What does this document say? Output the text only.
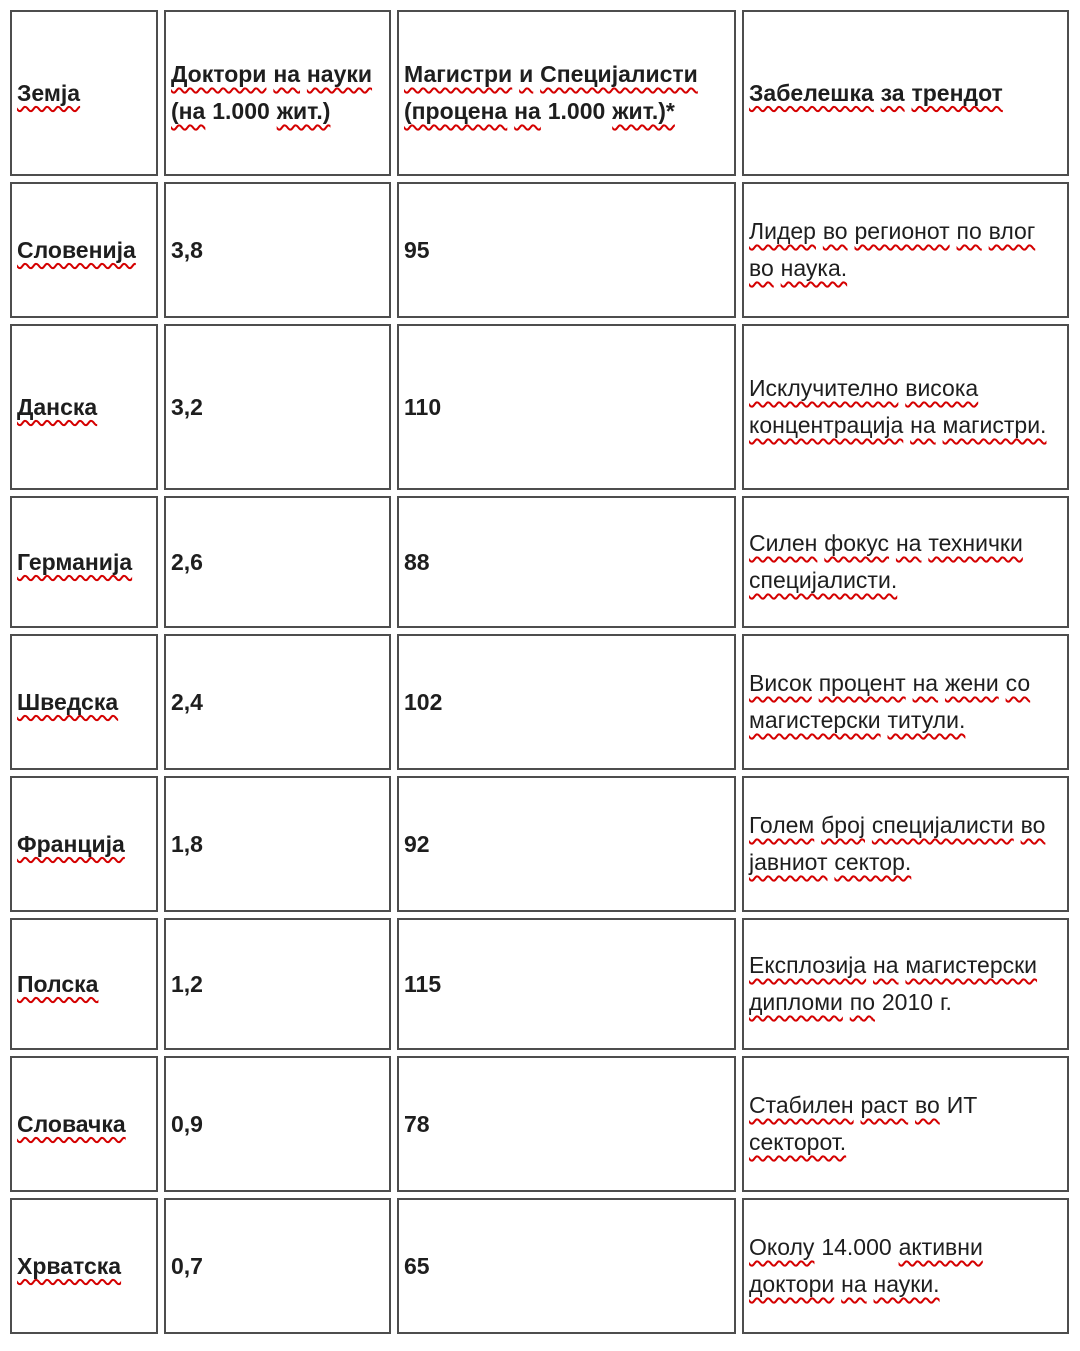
Земја	Доктори на науки (на 1.000 жит.)	Магистри и Специјалисти (процена на 1.000 жит.)*	Забелешка за трендот
Словенија	3,8	95	Лидер во регионот по влог во наука.
Данска	3,2	110	Исклучително висока концентрација на магистри.
Германија	2,6	88	Силен фокус на технички специјалисти.
Шведска	2,4	102	Висок процент на жени со магистерски титули.
Франција	1,8	92	Голем број специјалисти во јавниот сектор.
Полска	1,2	115	Експлозија на магистерски дипломи по 2010 г.
Словачка	0,9	78	Стабилен раст во ИТ секторот.
Хрватска	0,7	65	Околу 14.000 активни доктори на науки.
